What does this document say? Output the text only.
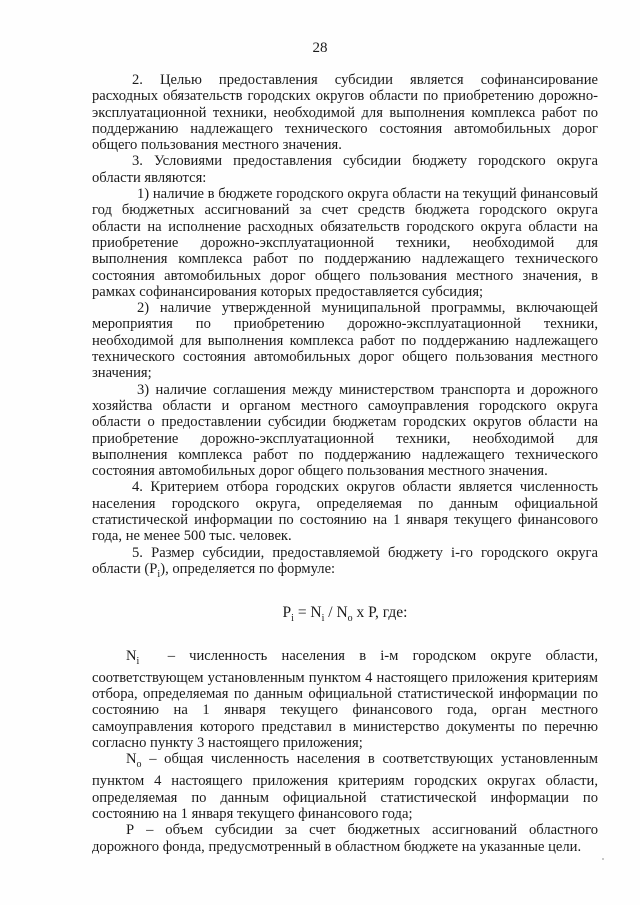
28

2. Целью предоставления субсидии является софинансирование расходных обязательств городских округов области по приобретению дорожно-эксплуатационной техники, необходимой для выполнения комплекса работ по поддержанию надлежащего технического состояния автомобильных дорог общего пользования местного значения.

3. Условиями предоставления субсидии бюджету городского округа области являются:

1) наличие в бюджете городского округа области на текущий финансовый год бюджетных ассигнований за счет средств бюджета городского округа области на исполнение расходных обязательств городского округа области на приобретение дорожно-эксплуатационной техники, необходимой для выполнения комплекса работ по поддержанию надлежащего технического состояния автомобильных дорог общего пользования местного значения, в рамках софинансирования которых предоставляется субсидия;

2) наличие утвержденной муниципальной программы, включающей мероприятия по приобретению дорожно-эксплуатационной техники, необходимой для выполнения комплекса работ по поддержанию надлежащего технического состояния автомобильных дорог общего пользования местного значения;

3) наличие соглашения между министерством транспорта и дорожного хозяйства области и органом местного самоуправления городского округа области о предоставлении субсидии бюджетам городских округов области на приобретение дорожно-эксплуатационной техники, необходимой для выполнения комплекса работ по поддержанию надлежащего технического состояния автомобильных дорог общего пользования местного значения.

4. Критерием отбора городских округов области является численность населения городского округа, определяемая по данным официальной статистической информации по состоянию на 1 января текущего финансового года, не менее 500 тыс. человек.

5. Размер субсидии, предоставляемой бюджету i-го городского округа области $(P_i)$, определяется по формуле:

$P_i = N_i / N_о$ x P, где:

$N_i$ – численность населения в i-м городском округе области, соответствующем установленным пунктом 4 настоящего приложения критериям отбора, определяемая по данным официальной статистической информации по состоянию на 1 января текущего финансового года, орган местного самоуправления которого представил в министерство документы по перечню согласно пункту 3 настоящего приложения;

$N_о$ – общая численность населения в соответствующих установленным пунктом 4 настоящего приложения критериям городских округах области, определяемая по данным официальной статистической информации по состоянию на 1 января текущего финансового года;

Р – объем субсидии за счет бюджетных ассигнований областного дорожного фонда, предусмотренный в областном бюджете на указанные цели.
